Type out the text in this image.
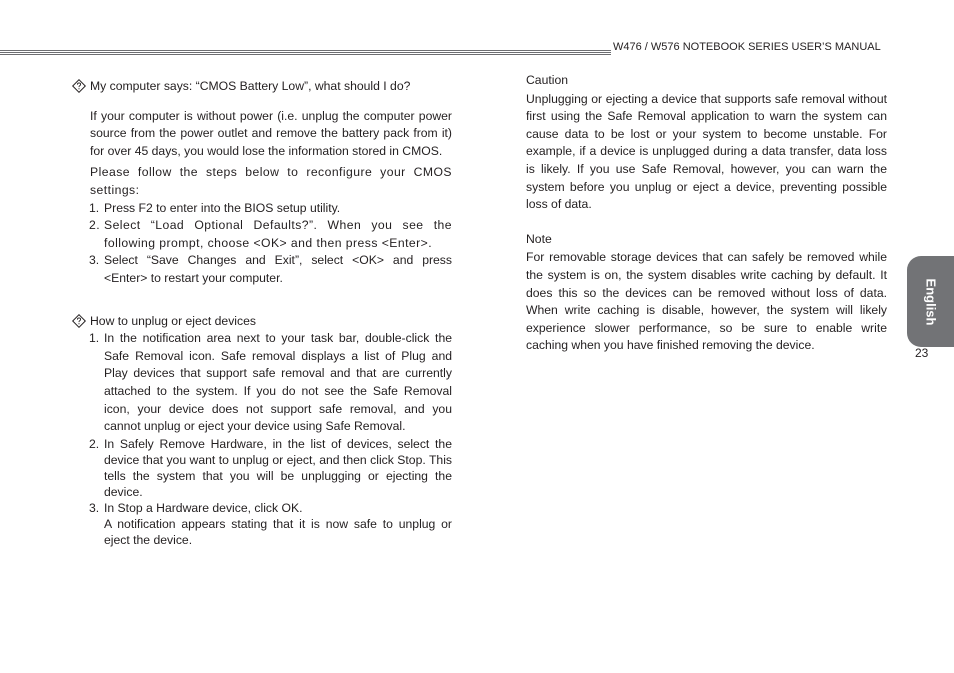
W476 / W576 NOTEBOOK SERIES USER’S MANUAL
My computer says: “CMOS Battery Low”, what should I do?
If your computer is without power (i.e. unplug the computer power source from the power outlet and remove the battery pack from it) for over 45 days, you would lose the information stored in CMOS.
Please follow the steps below to reconfigure your CMOS settings:
1. Press F2 to enter into the BIOS setup utility.
2. Select “Load Optional Defaults?”. When you see the following prompt, choose <OK> and then press <Enter>.
3. Select “Save Changes and Exit”, select <OK> and press <Enter> to restart your computer.
How to unplug or eject devices
1. In the notification area next to your task bar, double-click the Safe Removal icon. Safe removal displays a list of Plug and Play devices that support safe removal and that are currently attached to the system. If you do not see the Safe Removal icon, your device does not support safe removal, and you cannot unplug or eject your device using Safe Removal.
2. In Safely Remove Hardware, in the list of devices, select the device that you want to unplug or eject, and then click Stop. This tells the system that you will be unplugging or ejecting the device.
3. In Stop a Hardware device, click OK.
A notification appears stating that it is now safe to unplug or eject the device.
Caution
Unplugging or ejecting a device that supports safe removal without first using the Safe Removal application to warn the system can cause data to be lost or your system to become unstable. For example, if a device is unplugged during a data transfer, data loss is likely. If you use Safe Removal, however, you can warn the system before you unplug or eject a device, preventing possible loss of data.
Note
For removable storage devices that can safely be removed while the system is on, the system disables write caching by default. It does this so the devices can be removed without loss of data. When write caching is disable, however, the system will likely experience slower performance, so be sure to enable write caching when you have finished removing the device.
English
23
